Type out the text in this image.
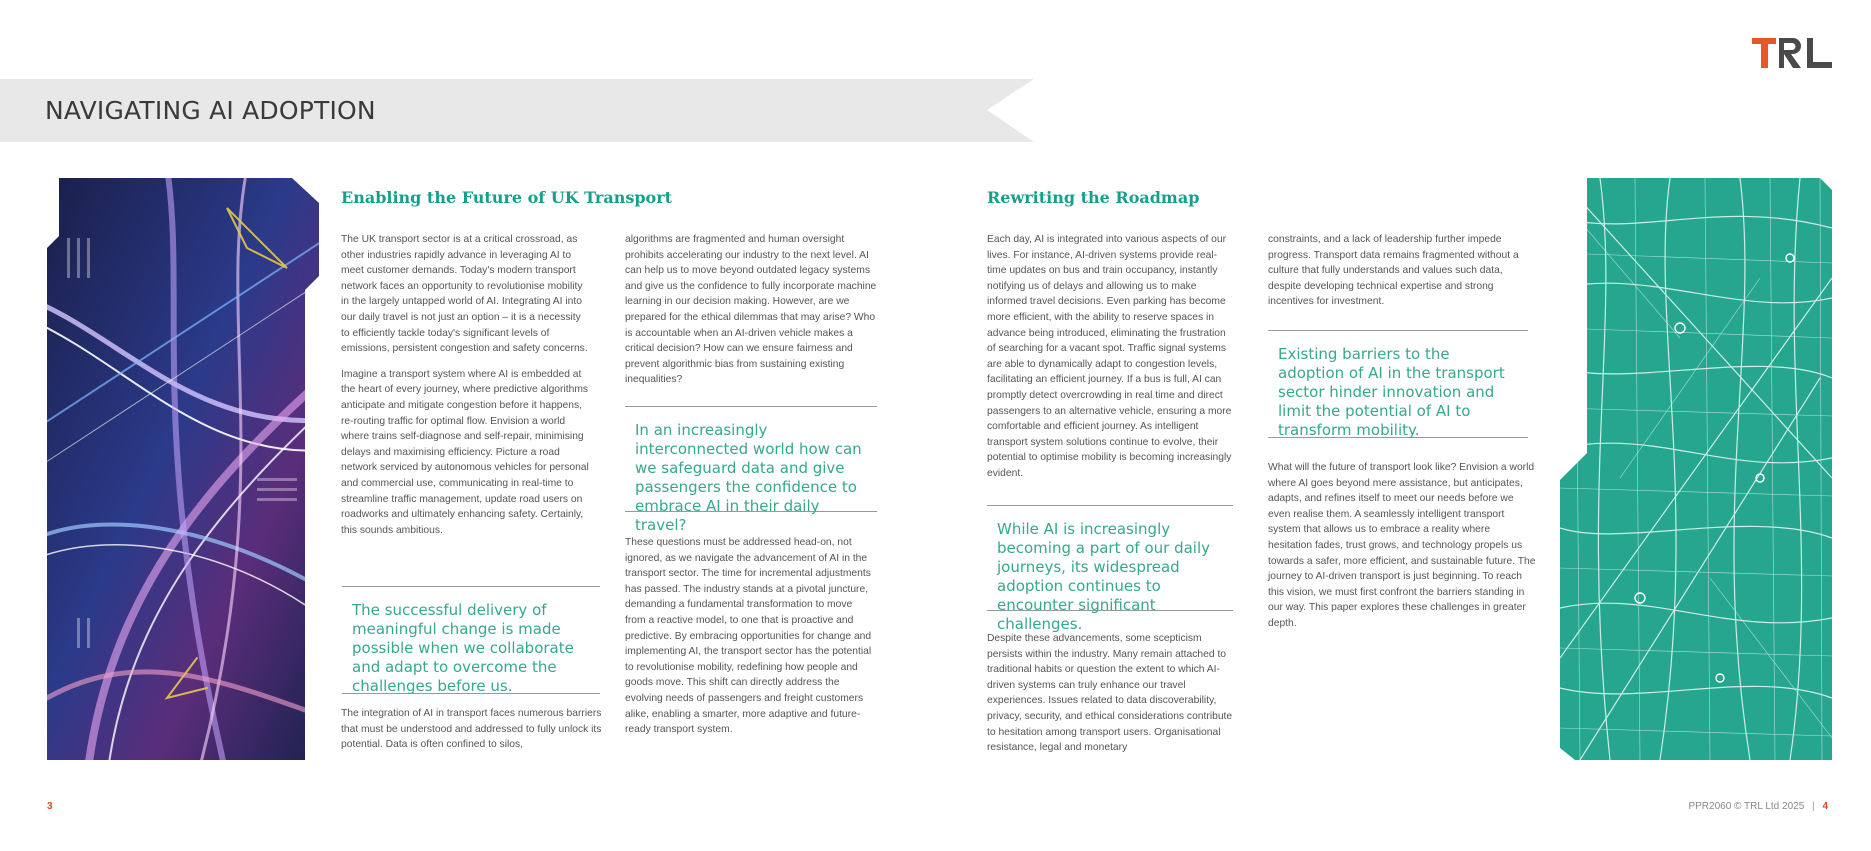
NAVIGATING AI ADOPTION
Enabling the Future of UK Transport

The UK transport sector is at a critical crossroad, as other industries rapidly advance in leveraging AI to meet customer demands. Today's modern transport network faces an opportunity to revolutionise mobility in the largely untapped world of AI. Integrating AI into our daily travel is not just an option – it is a necessity to efficiently tackle today's significant levels of emissions, persistent congestion and safety concerns.

Imagine a transport system where AI is embedded at the heart of every journey, where predictive algorithms anticipate and mitigate congestion before it happens, re-routing traffic for optimal flow. Envision a world where trains self-diagnose and self-repair, minimising delays and maximising efficiency. Picture a road network serviced by autonomous vehicles for personal and commercial use, communicating in real-time to streamline traffic management, update road users on roadworks and ultimately enhancing safety. Certainly, this sounds ambitious.

The successful delivery of meaningful change is made possible when we collaborate and adapt to overcome the challenges before us.

The integration of AI in transport faces numerous barriers that must be understood and addressed to fully unlock its potential. Data is often confined to silos,

algorithms are fragmented and human oversight prohibits accelerating our industry to the next level. AI can help us to move beyond outdated legacy systems and give us the confidence to fully incorporate machine learning in our decision making. However, are we prepared for the ethical dilemmas that may arise? Who is accountable when an AI-driven vehicle makes a critical decision? How can we ensure fairness and prevent algorithmic bias from sustaining existing inequalities?

In an increasingly interconnected world how can we safeguard data and give passengers the confidence to embrace AI in their daily travel?

These questions must be addressed head-on, not ignored, as we navigate the advancement of AI in the transport sector. The time for incremental adjustments has passed. The industry stands at a pivotal juncture, demanding a fundamental transformation to move from a reactive model, to one that is proactive and predictive. By embracing opportunities for change and implementing AI, the transport sector has the potential to revolutionise mobility, redefining how people and goods move. This shift can directly address the evolving needs of passengers and freight customers alike, enabling a smarter, more adaptive and future-ready transport system.

Rewriting the Roadmap

Each day, AI is integrated into various aspects of our lives. For instance, AI-driven systems provide real-time updates on bus and train occupancy, instantly notifying us of delays and allowing us to make informed travel decisions. Even parking has become more efficient, with the ability to reserve spaces in advance being introduced, eliminating the frustration of searching for a vacant spot. Traffic signal systems are able to dynamically adapt to congestion levels, facilitating an efficient journey. If a bus is full, AI can promptly detect overcrowding in real time and direct passengers to an alternative vehicle, ensuring a more comfortable and efficient journey. As intelligent transport system solutions continue to evolve, their potential to optimise mobility is becoming increasingly evident.

While AI is increasingly becoming a part of our daily journeys, its widespread adoption continues to encounter significant challenges.

Despite these advancements, some scepticism persists within the industry. Many remain attached to traditional habits or question the extent to which AI-driven systems can truly enhance our travel experiences. Issues related to data discoverability, privacy, security, and ethical considerations contribute to hesitation among transport users. Organisational resistance, legal and monetary

constraints, and a lack of leadership further impede progress. Transport data remains fragmented without a culture that fully understands and values such data, despite developing technical expertise and strong incentives for investment.

Existing barriers to the adoption of AI in the transport sector hinder innovation and limit the potential of AI to transform mobility.

What will the future of transport look like? Envision a world where AI goes beyond mere assistance, but anticipates, adapts, and refines itself to meet our needs before we even realise them. A seamlessly intelligent transport system that allows us to embrace a reality where hesitation fades, trust grows, and technology propels us towards a safer, more efficient, and sustainable future. The journey to AI-driven transport is just beginning. To reach this vision, we must first confront the barriers standing in our way. This paper explores these challenges in greater depth.

3	PPR2060 © TRL Ltd 2025 | 4
